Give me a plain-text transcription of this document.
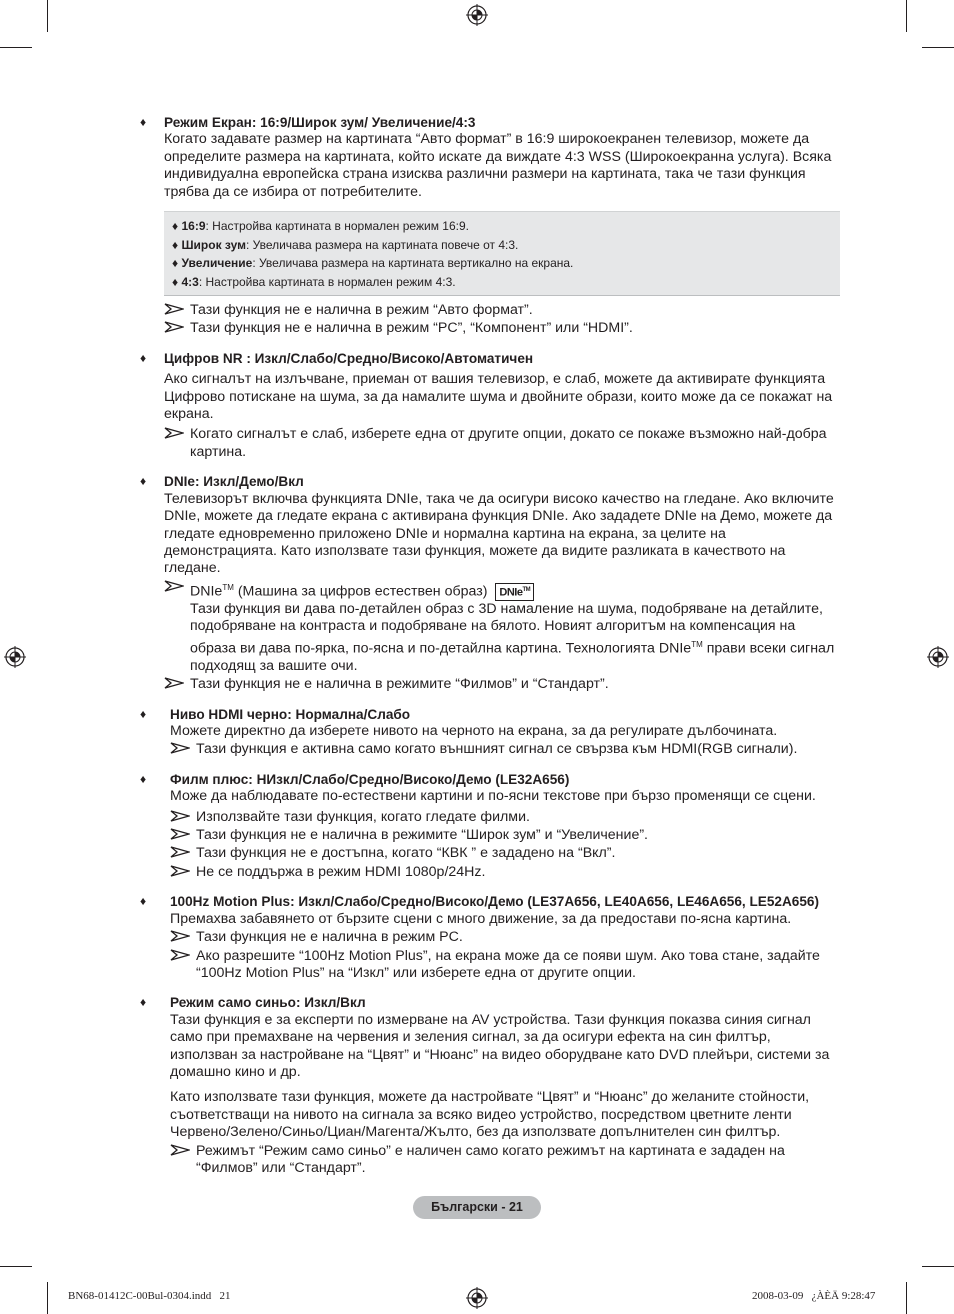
♦ Режим Екран: 16:9/Широк зум/ Увеличение/4:3

Когато задавате размер на картината “Авто формат” в 16:9 широкоекранен телевизор, можете да определите размера на картината, който искате да виждате 4:3 WSS (Широкоекранна услуга). Всяка индивидуална европейска страна изисква различни размери на картината, така че тази функция трябва да се избира от потребителите.

♦ 16:9: Настройва картината в нормален режим 16:9.
♦ Широк зум: Увеличава размера на картината повече от 4:3.
♦ Увеличение: Увеличава размера на картината вертикално на екрана.
♦ 4:3: Настройва картината в нормален режим 4:3.
Тази функция не е налична в режим “Авто формат”.
Тази функция не е налична в режим “PC”, “Компонент” или “HDMI”.
♦ Цифров NR : Изкл/Слабо/Средно/Високо/Автоматичен

Ако сигналът на излъчване, приеман от вашия телевизор, е слаб, можете да активирате функцията Цифрово потискане на шума, за да намалите шума и двойните образи, които може да се покажат на екрана.

Когато сигналът е слаб, изберете една от другите опции, докато се покаже възможно най-добра картина.
♦ DNIe: Изкл/Демо/Вкл

Телевизорът включва функцията DNIe, така че да осигури високо качество на гледане. Ако включите DNIe, можете да гледате екрана с активирана функция DNIe. Ако зададете DNIe на Демо, можете да гледате едновременно приложено DNIe и нормална картина на екрана, за целите на демонстрацията. Като използвате тази функция, можете да видите разликата в качеството на гледане.

DNIe™ (Машина за цифров естествен образ) DNIe™
Тази функция ви дава по-детайлен образ с 3D намаление на шума, подобряване на детайлите, подобряване на контраста и подобряване на бялото. Новият алгоритъм на компенсация на образа ви дава по-ярка, по-ясна и по-детайлна картина. Технологията DNIe™ прави всеки сигнал подходящ за вашите очи.
Тази функция не е налична в режимите “Филмов” и “Стандарт”.
♦ Ниво HDMI черно: Нормална/Слабо

Можете директно да изберете нивото на черното на екрана, за да регулирате дълбочината.

Тази функция е активна само когато външният сигнал се свързва към HDMI(RGB сигнали).
♦ Филм плюс: НИзкл/Слабо/Средно/Високо/Демо (LE32A656)

Може да наблюдавате по-естествени картини и по-ясни текстове при бързо променящи се сцени.

Използвайте тази функция, когато гледате филми.
Тази функция не е налична в режимите “Широк зум” и “Увеличение”.
Тази функция не е достъпна, когато “КВК ” е зададено на “Вкл”.
Не се поддържа в режим HDMI 1080p/24Hz.
♦ 100Hz Motion Plus: Изкл/Слабо/Средно/Високо/Демо (LE37A656, LE40A656, LE46A656, LE52A656)

Премахва забавянето от бързите сцени с много движение, за да предостави по-ясна картина.

Тази функция не е налична в режим PC.
Ако разрешите “100Hz Motion Plus”, на екрана може да се появи шум. Ако това стане, задайте “100Hz Motion Plus” на “Изкл” или изберете една от другите опции.
♦ Режим само синьо: Изкл/Вкл

Тази функция е за експерти по измерване на AV устройства. Тази функция показва синия сигнал само при премахване на червения и зеления сигнал, за да осигури ефекта на син филтър, използван за настройване на “Цвят” и “Нюанс” на видео оборудване като DVD плейъри, системи за домашно кино и др.

Като използвате тази функция, можете да настройвате “Цвят” и “Нюанс” до желаните стойности, съответстващи на нивото на сигнала за всяко видео устройство, посредством цветните ленти Червено/Зелено/Синьо/Циан/Магента/Жълто, без да използвате допълнителен син филтър.

Режимът “Режим само синьо” е наличен само когато режимът на картината е зададен на “Филмов” или “Стандарт”.
Български - 21
BN68-01412C-00Bul-0304.indd   21	2008-03-09   ¿ÀÈÄ 9:28:47
